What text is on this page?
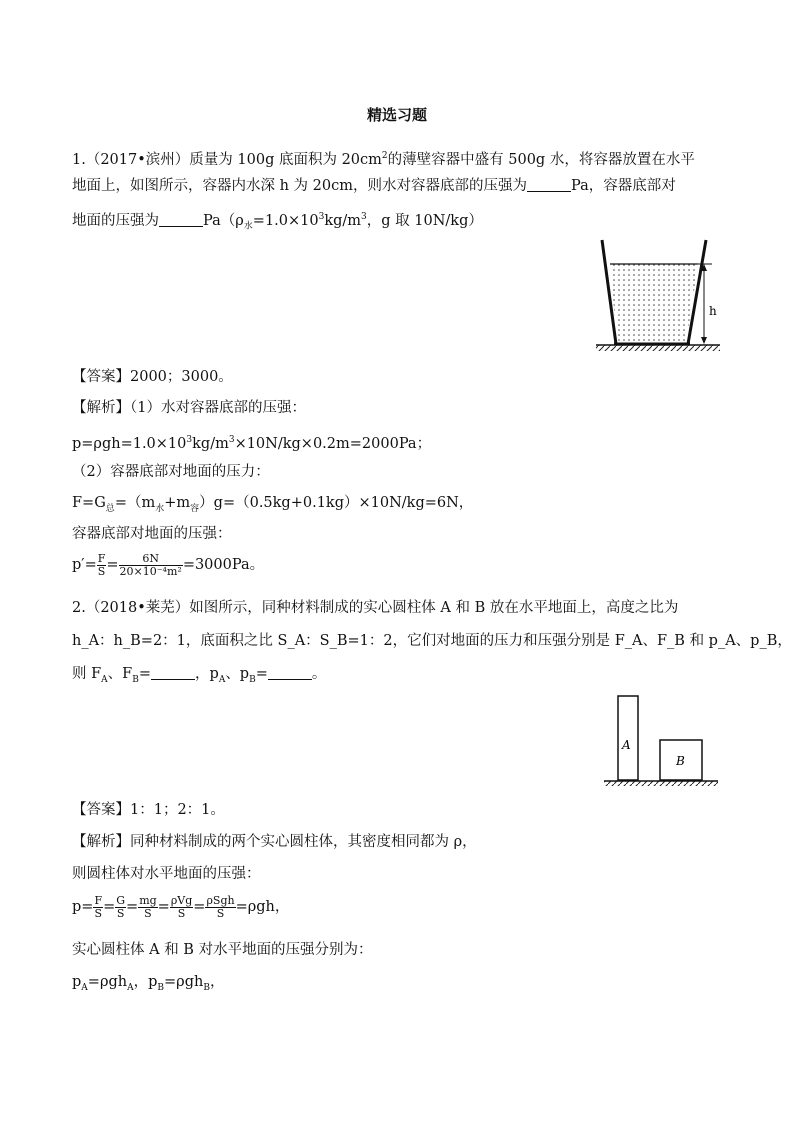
精选习题
1.（2017•滨州）质量为 100g 底面积为 $20cm^2$的薄壁容器中盛有 500g 水，将容器放置在水平
地面上，如图所示，容器内水深 h 为 20cm，则水对容器底部的压强为	Pa，容器底部对
地面的压强为	$Pa(\rho_水=1.0\times 10^3kg/m^3$，g 取 10N/kg）
h
【答案】2000；3000。
【解析】（1）水对容器底部的压强：
$p=\rho gh=1.0\times 10^3kg/m^3\times 10N/kg\times 0.2m=2000Pa$；
（2）容器底部对地面的压力：
$F=G_总=(m_水+m_容)g=(0.5kg+0.1kg)\times 10N/kg=6N$，
容器底部对地面的压强：
$p'= \frac{F}{S} = \frac{6N}{\text{20×10⁻⁴m²}} =3000Pa$。
2.（2018•莱芜）如图所示，同种材料制成的实心圆柱体 A 和 B 放在水平地面上，高度之比为
h_A：h_B=2：1，底面积之比 S_A：S_B=1：2，它们对地面的压力和压强分别是 F_A、F_B 和 p_A、p_B，
则 $F_A$、$F_B=$	，$p_A$、$p_B=$	。
A
B
【答案】1：1；2：1。
【解析】同种材料制成的两个实心圆柱体，其密度相同都为 ρ，
则圆柱体对水平地面的压强：
$p= \frac{F}{S} = \frac{G}{S} = \frac{mg}{S} = \frac{\text{ρVg}}{S} = \frac{\text{ρSgh}}{S} =\rho gh$，
实心圆柱体 A 和 B 对水平地面的压强分别为：
$p_A=\rho gh_A$，$p_B=\rho gh_B$，
